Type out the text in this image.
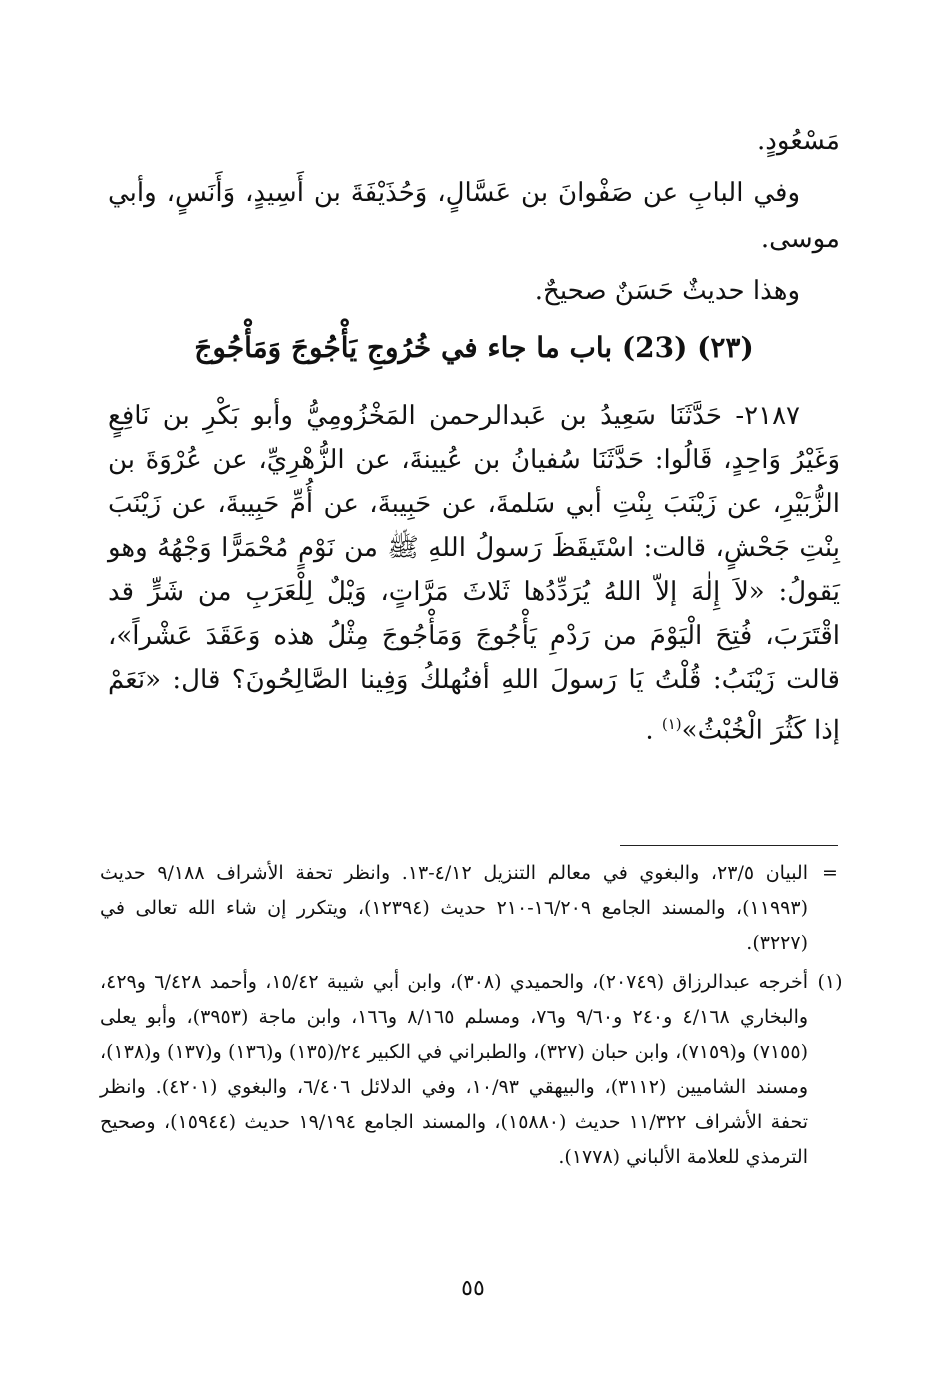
مَسْعُودٍ.

وفي البابِ عن صَفْوانَ بن عَسَّالٍ، وَحُذَيْفَةَ بن أَسِيدٍ، وَأَنَسٍ، وأبي موسى.

وهذا حديثٌ حَسَنٌ صحيحٌ.

(٢٣) (23) باب ما جاء في خُرُوجِ يَأْجُوجَ وَمَأْجُوجَ

٢١٨٧- حَدَّثَنَا سَعِيدُ بن عَبدالرحمن المَخْزُومِيُّ وأبو بَكْرِ بن نَافِعٍ وَغَيْرُ وَاحِدٍ، قَالُوا: حَدَّثَنَا سُفيانُ بن عُيينةَ، عن الزُّهْرِيِّ، عن عُرْوَةَ بن الزُّبَيْرِ، عن زَيْنَبَ بِنْتِ أبي سَلمةَ، عن حَبِيبةَ، عن أُمِّ حَبِيبةَ، عن زَيْنَبَ بِنْتِ جَحْشٍ، قالت: اسْتَيقَظَ رَسولُ اللهِ ﷺ من نَوْمٍ مُحْمَرًّا وَجْهُهُ وهو يَقولُ: «لاَ إِلٰهَ إلاّ اللهُ يُرَدِّدُها ثَلاثَ مَرَّاتٍ، وَيْلٌ لِلْعَرَبِ من شَرٍّ قد اقْتَرَبَ، فُتِحَ الْيَوْمَ من رَدْمِ يَأْجُوجَ وَمَأْجُوجَ مِثْلُ هذه وَعَقَدَ عَشْراً»، قالت زَيْنَبُ: قُلْتُ يَا رَسولَ اللهِ أفنُهلكُ وَفِينا الصَّالِحُونَ؟ قال: «نَعَمْ إذا كَثُرَ الْخُبْثُ»$^{(١)}$ .

=
البيان ٢٣/٥، والبغوي في معالم التنزيل ٤/١٢-١٣. وانظر تحفة الأشراف ٩/١٨٨ حديث (١١٩٩٣)، والمسند الجامع ١٦/٢٠٩-٢١٠ حديث (١٢٣٩٤)، ويتكرر إن شاء الله تعالى في (٣٢٢٧).
(١)
أخرجه عبدالرزاق (٢٠٧٤٩)، والحميدي (٣٠٨)، وابن أبي شيبة ١٥/٤٢، وأحمد ٦/٤٢٨ و٤٢٩، والبخاري ٤/١٦٨ و٢٤٠ و٩/٦٠ و٧٦، ومسلم ٨/١٦٥ و١٦٦، وابن ماجة (٣٩٥٣)، وأبو يعلى (٧١٥٥) و(٧١٥٩)، وابن حبان (٣٢٧)، والطبراني في الكبير ٢٤/(١٣٥) و(١٣٦) و(١٣٧) و(١٣٨)، ومسند الشاميين (٣١١٢)، والبيهقي ١٠/٩٣، وفي الدلائل ٦/٤٠٦، والبغوي (٤٢٠١). وانظر تحفة الأشراف ١١/٣٢٢ حديث (١٥٨٨٠)، والمسند الجامع ١٩/١٩٤ حديث (١٥٩٤٤)، وصحيح الترمذي للعلامة الألباني (١٧٧٨).
٥٥
